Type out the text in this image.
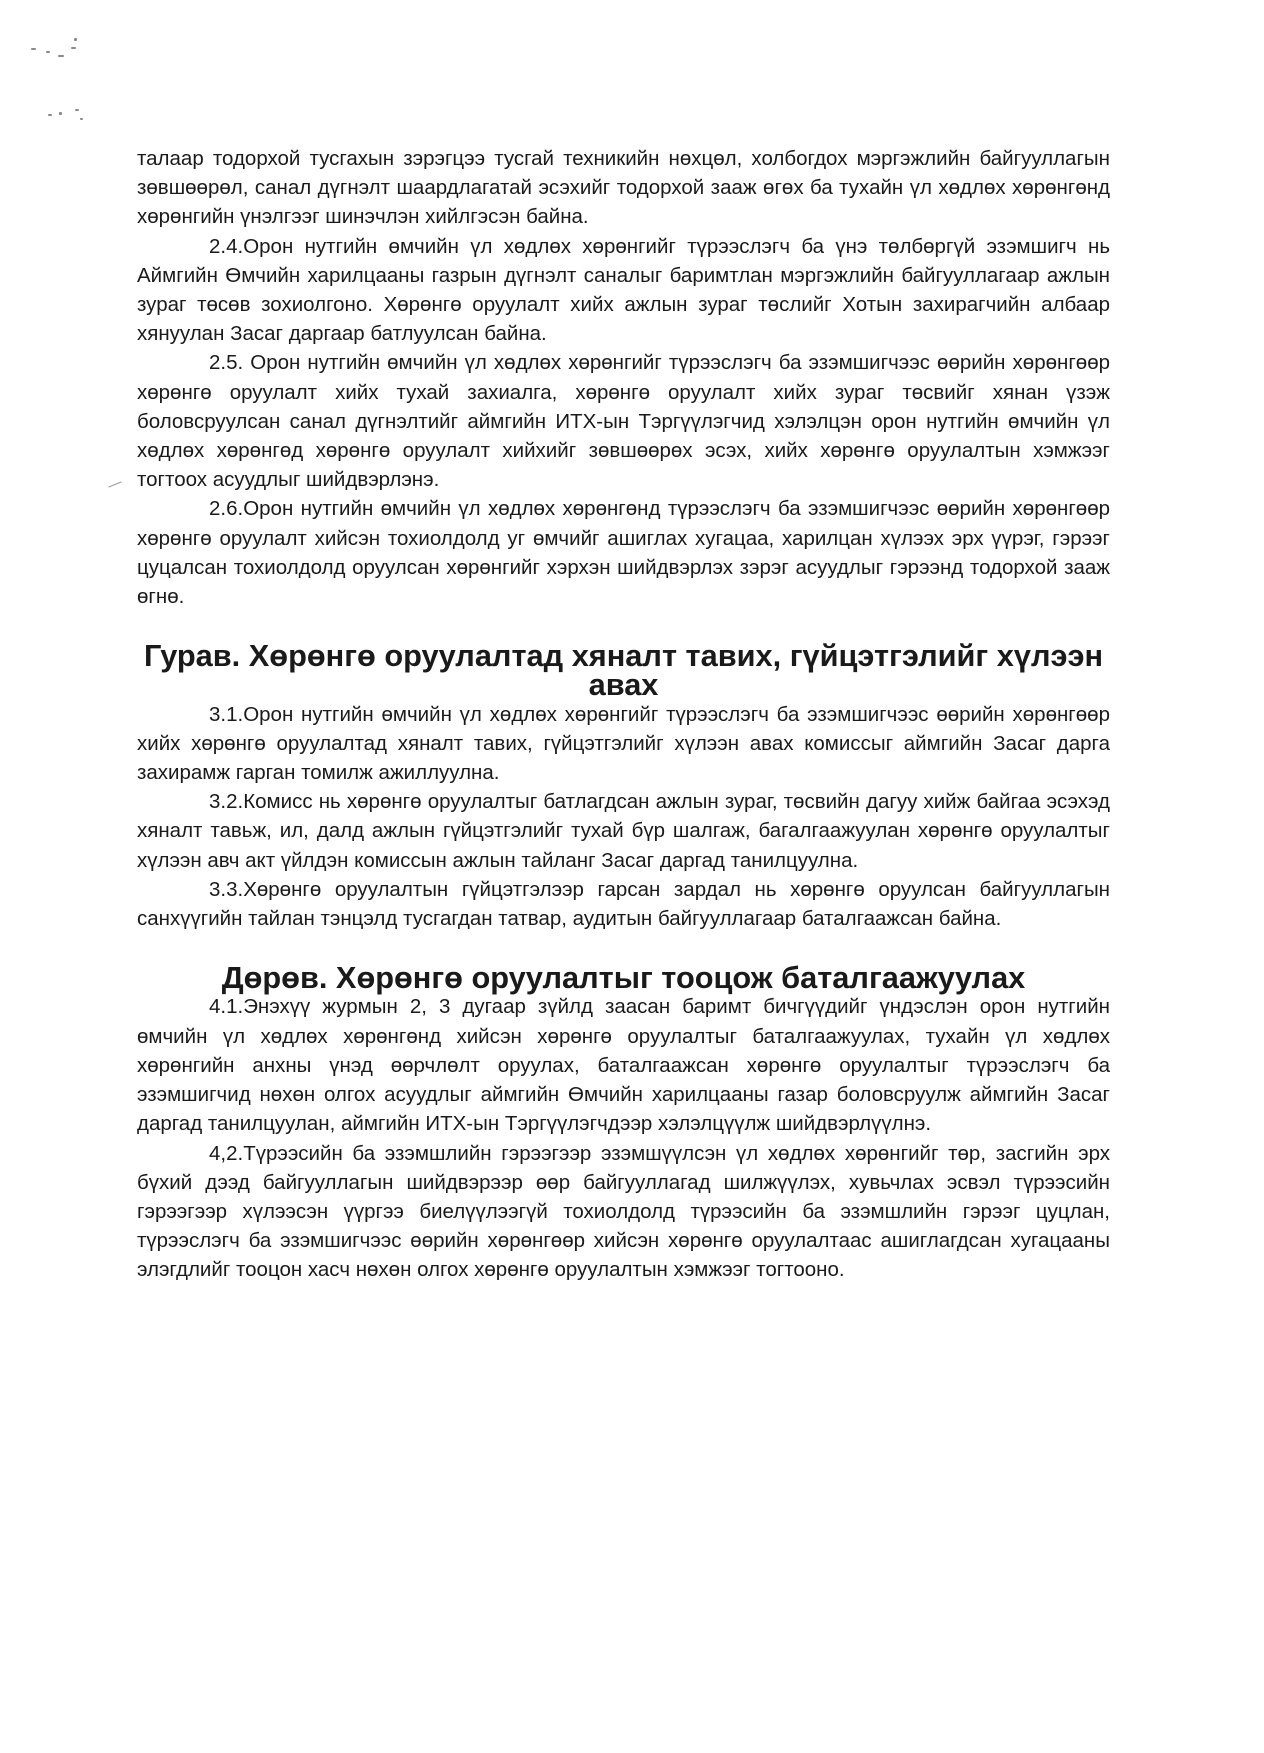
талаар тодорхой тусгахын зэрэгцээ тусгай техникийн нөхцөл, холбогдох мэргэжлийн байгууллагын зөвшөөрөл, санал дүгнэлт шаардлагатай эсэхийг тодорхой зааж өгөх ба тухайн үл хөдлөх хөрөнгөнд хөрөнгийн үнэлгээг шинэчлэн хийлгэсэн байна.

2.4.Орон нутгийн өмчийн үл хөдлөх хөрөнгийг түрээслэгч ба үнэ төлбөргүй эзэмшигч нь Аймгийн Өмчийн харилцааны газрын дүгнэлт саналыг баримтлан мэргэжлийн байгууллагаар ажлын зураг төсөв зохиолгоно. Хөрөнгө оруулалт хийх ажлын зураг төслийг Хотын захирагчийн албаар хянуулан Засаг даргаар батлуулсан байна.

2.5. Орон нутгийн өмчийн үл хөдлөх хөрөнгийг түрээслэгч ба эзэмшигчээс өөрийн хөрөнгөөр хөрөнгө оруулалт хийх тухай захиалга, хөрөнгө оруулалт хийх зураг төсвийг хянан үзэж боловсруулсан санал дүгнэлтийг аймгийн ИТХ-ын Тэргүүлэгчид хэлэлцэн орон нутгийн өмчийн үл хөдлөх хөрөнгөд хөрөнгө оруулалт хийхийг зөвшөөрөх эсэх, хийх хөрөнгө оруулалтын хэмжээг тогтоох асуудлыг шийдвэрлэнэ.

2.6.Орон нутгийн өмчийн үл хөдлөх хөрөнгөнд түрээслэгч ба эзэмшигчээс өөрийн хөрөнгөөр хөрөнгө оруулалт хийсэн тохиолдолд уг өмчийг ашиглах хугацаа, харилцан хүлээх эрх үүрэг, гэрээг цуцалсан тохиолдолд оруулсан хөрөнгийг хэрхэн шийдвэрлэх зэрэг асуудлыг гэрээнд тодорхой зааж өгнө.

Гурав. Хөрөнгө оруулалтад хяналт тавих, гүйцэтгэлийг хүлээн авах

3.1.Орон нутгийн өмчийн үл хөдлөх хөрөнгийг түрээслэгч ба эзэмшигчээс өөрийн хөрөнгөөр хийх хөрөнгө оруулалтад хяналт тавих, гүйцэтгэлийг хүлээн авах комиссыг аймгийн Засаг дарга захирамж гарган томилж ажиллуулна.

3.2.Комисс нь хөрөнгө оруулалтыг батлагдсан ажлын зураг, төсвийн дагуу хийж байгаа эсэхэд хяналт тавьж, ил, далд ажлын гүйцэтгэлийг тухай бүр шалгаж, багалгаажуулан хөрөнгө оруулалтыг хүлээн авч акт үйлдэн комиссын ажлын тайланг Засаг даргад танилцуулна.

3.3.Хөрөнгө оруулалтын гүйцэтгэлээр гарсан зардал нь хөрөнгө оруулсан байгууллагын санхүүгийн тайлан тэнцэлд тусгагдан татвар, аудитын байгууллагаар баталгаажсан байна.

Дөрөв. Хөрөнгө оруулалтыг тооцож баталгаажуулах

4.1.Энэхүү журмын 2, 3 дугаар зүйлд заасан баримт бичгүүдийг үндэслэн орон нутгийн өмчийн үл хөдлөх хөрөнгөнд хийсэн хөрөнгө оруулалтыг баталгаажуулах, тухайн үл хөдлөх хөрөнгийн анхны үнэд өөрчлөлт оруулах, баталгаажсан хөрөнгө оруулалтыг түрээслэгч ба эзэмшигчид нөхөн олгох асуудлыг аймгийн Өмчийн харилцааны газар боловсруулж аймгийн Засаг даргад танилцуулан, аймгийн ИТХ-ын Тэргүүлэгчдээр хэлэлцүүлж шийдвэрлүүлнэ.

4,2.Түрээсийн ба эзэмшлийн гэрээгээр эзэмшүүлсэн үл хөдлөх хөрөнгийг төр, засгийн эрх бүхий дээд байгууллагын шийдвэрээр өөр байгууллагад шилжүүлэх, хувьчлах эсвэл түрээсийн гэрээгээр хүлээсэн үүргээ биелүүлээгүй тохиолдолд түрээсийн ба эзэмшлийн гэрээг цуцлан, түрээслэгч ба эзэмшигчээс өөрийн хөрөнгөөр хийсэн хөрөнгө оруулалтаас ашиглагдсан хугацааны элэгдлийг тооцон хасч нөхөн олгох хөрөнгө оруулалтын хэмжээг тогтооно.
